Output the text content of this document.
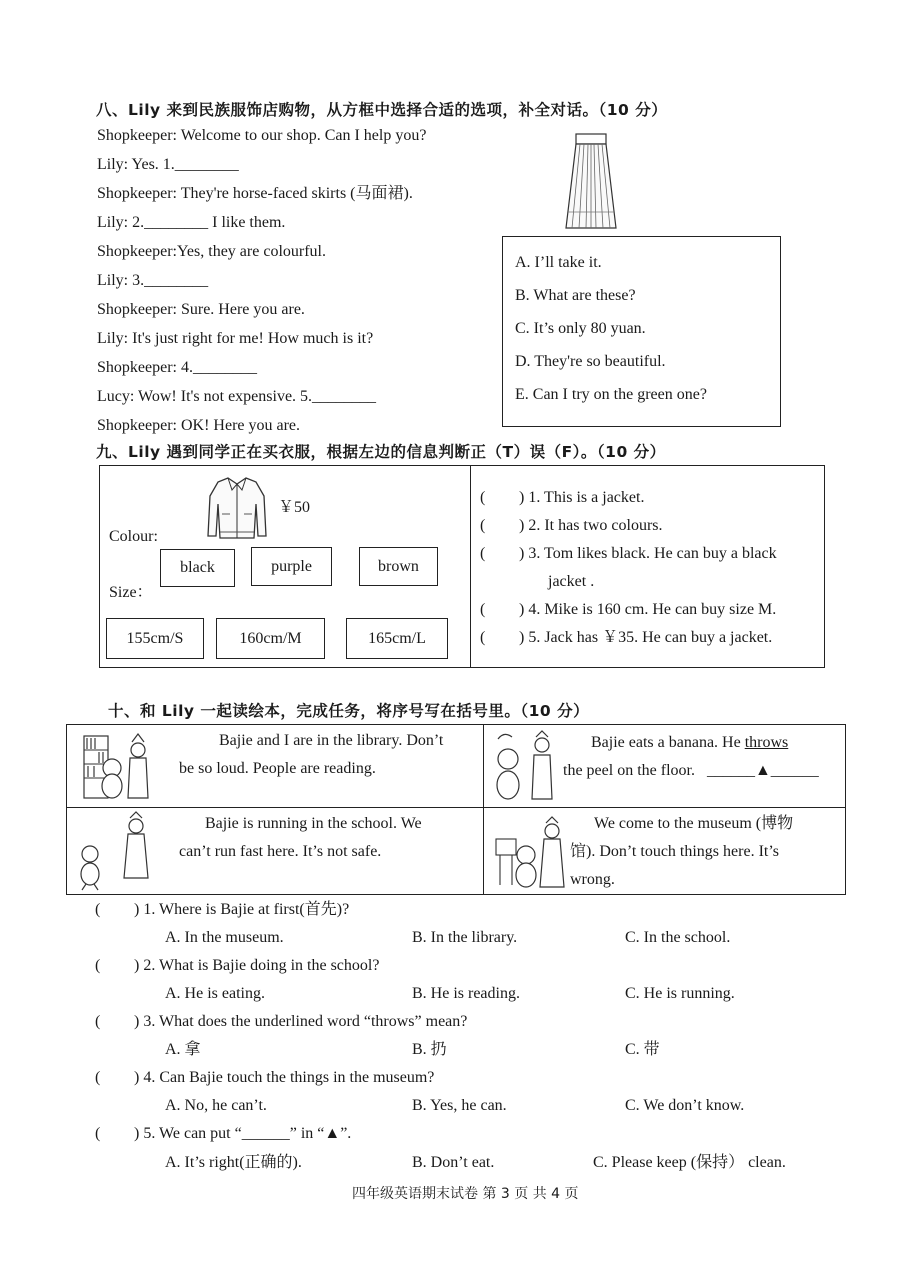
八、Lily 来到民族服饰店购物，从方框中选择合适的选项，补全对话。（10 分）
Shopkeeper: Welcome to our shop. Can I help you?
Lily: Yes. 1.________
Shopkeeper: They're horse-faced skirts (马面裙).
Lily: 2.________ I like them.
Shopkeeper:Yes, they are colourful.
Lily: 3.________
Shopkeeper: Sure. Here you are.
Lily: It's just right for me! How much is it?
Shopkeeper: 4.________
Lucy: Wow! It's not expensive. 5.________
Shopkeeper: OK! Here you are.
A. I’ll take it.
B. What are these?
C. It’s only 80 yuan.
D. They're so beautiful.
E. Can I try on the green one?
九、Lily 遇到同学正在买衣服，根据左边的信息判断正（T）误（F）。（10 分）
￥50
Colour:
Size：
black	purple	brown
155cm/S	160cm/M	165cm/L
( ) 1. This is a jacket.
( ) 2. It has two colours.
( ) 3. Tom likes black. He can buy a black
jacket .
( ) 4. Mike is 160 cm. He can buy size M.
( ) 5. Jack has ￥35. He can buy a jacket.
十、和 Lily 一起读绘本，完成任务，将序号写在括号里。（10 分）
Bajie and I are in the library. Don’t
be so loud. People are reading.
Bajie eats a banana. He throws
the peel on the floor. ______▲______
Bajie is running in the school. We
can’t run fast here. It’s not safe.
We come to the museum (博物
馆). Don’t touch things here. It’s
wrong.
( ) 1. Where is Bajie at first(首先)?
A. In the museum.	B. In the library.	C. In the school.
( ) 2. What is Bajie doing in the school?
A. He is eating.	B. He is reading.	C. He is running.
( ) 3. What does the underlined word “throws” mean?
A. 拿	B. 扔	C. 带
( ) 4. Can Bajie touch the things in the museum?
A. No, he can’t.	B. Yes, he can.	C. We don’t know.
( ) 5. We can put “______” in “▲”.
A. It’s right(正确的).	B. Don’t eat.	C. Please keep (保持） clean.
四年级英语期末试卷 第 3 页 共 4 页
